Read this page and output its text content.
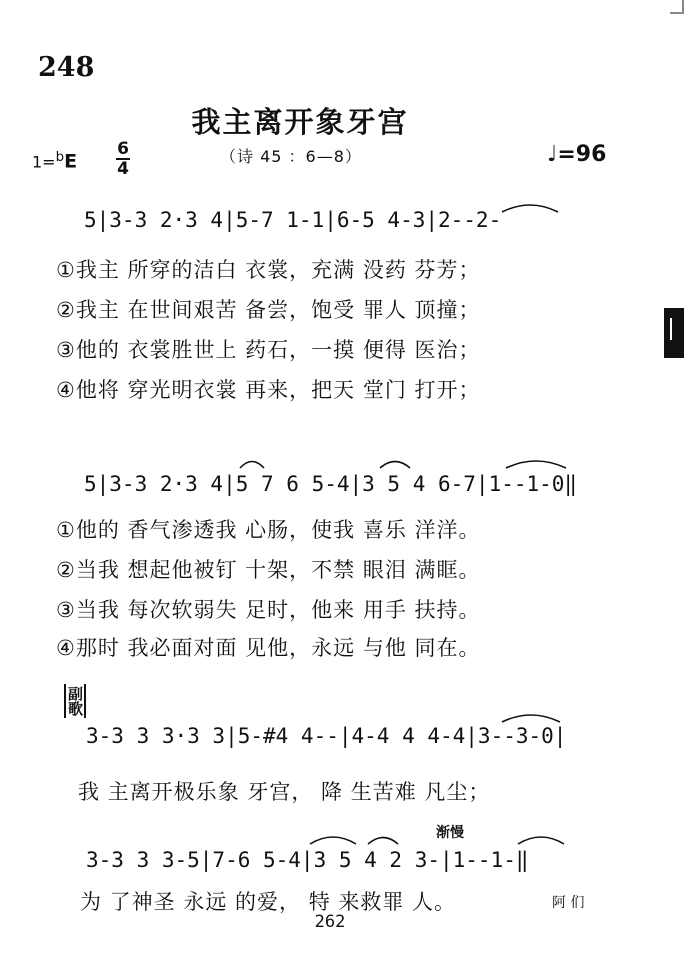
248
我主离开象牙宫
（诗 45 ：6—8）
1=$^b$E
6
4
♩=96
5|3-3 2·3 4|5-7 1-1|6-5 4-3|2--2-
①我主 所穿的洁白 衣裳，充满 没药 芬芳；
②我主 在世间艰苦 备尝，饱受 罪人 顶撞；
③他的 衣裳胜世上 药石，一摸 便得 医治；
④他将 穿光明衣裳 再来，把天 堂门 打开；
5|3-3 2·3 4|5 7 6 5-4|3 5 4 6-7|1--1-0‖
①他的 香气渗透我 心肠，使我 喜乐 洋洋。
②当我 想起他被钉 十架，不禁 眼泪 满眶。
③当我 每次软弱失 足时，他来 用手 扶持。
④那时 我必面对面 见他，永远 与他 同在。
副歌
3-3 3 3·3 3|5-#4 4--|4-4 4 4-4|3--3-0|
我 主离开极乐象 牙宫， 降 生苦难 凡尘；
渐慢
3-3 3 3-5|7-6 5-4|3 5 4 2 3-|1--1-‖
为 了神圣 永远 的爱， 特 来救罪 人。	阿 们
262
